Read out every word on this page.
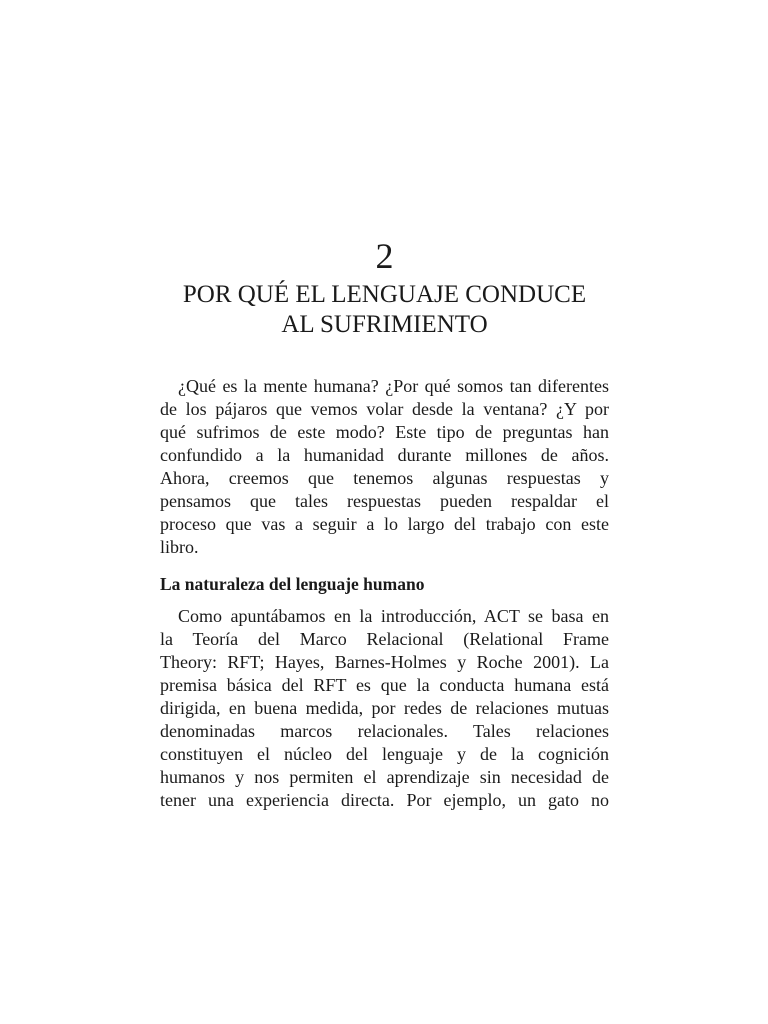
2
POR QUÉ EL LENGUAJE CONDUCE
AL SUFRIMIENTO

¿Qué es la mente humana? ¿Por qué somos tan diferentes
de los pájaros que vemos volar desde la ventana? ¿Y por
qué sufrimos de este modo? Este tipo de preguntas han
confundido a la humanidad durante millones de años.
Ahora, creemos que tenemos algunas respuestas y
pensamos que tales respuestas pueden respaldar el
proceso que vas a seguir a lo largo del trabajo con este
libro.

La naturaleza del lenguaje humano

Como apuntábamos en la introducción, ACT se basa en
la Teoría del Marco Relacional (Relational Frame
Theory: RFT; Hayes, Barnes-Holmes y Roche 2001). La
premisa básica del RFT es que la conducta humana está
dirigida, en buena medida, por redes de relaciones mutuas
denominadas marcos relacionales. Tales relaciones
constituyen el núcleo del lenguaje y de la cognición
humanos y nos permiten el aprendizaje sin necesidad de
tener una experiencia directa. Por ejemplo, un gato no
